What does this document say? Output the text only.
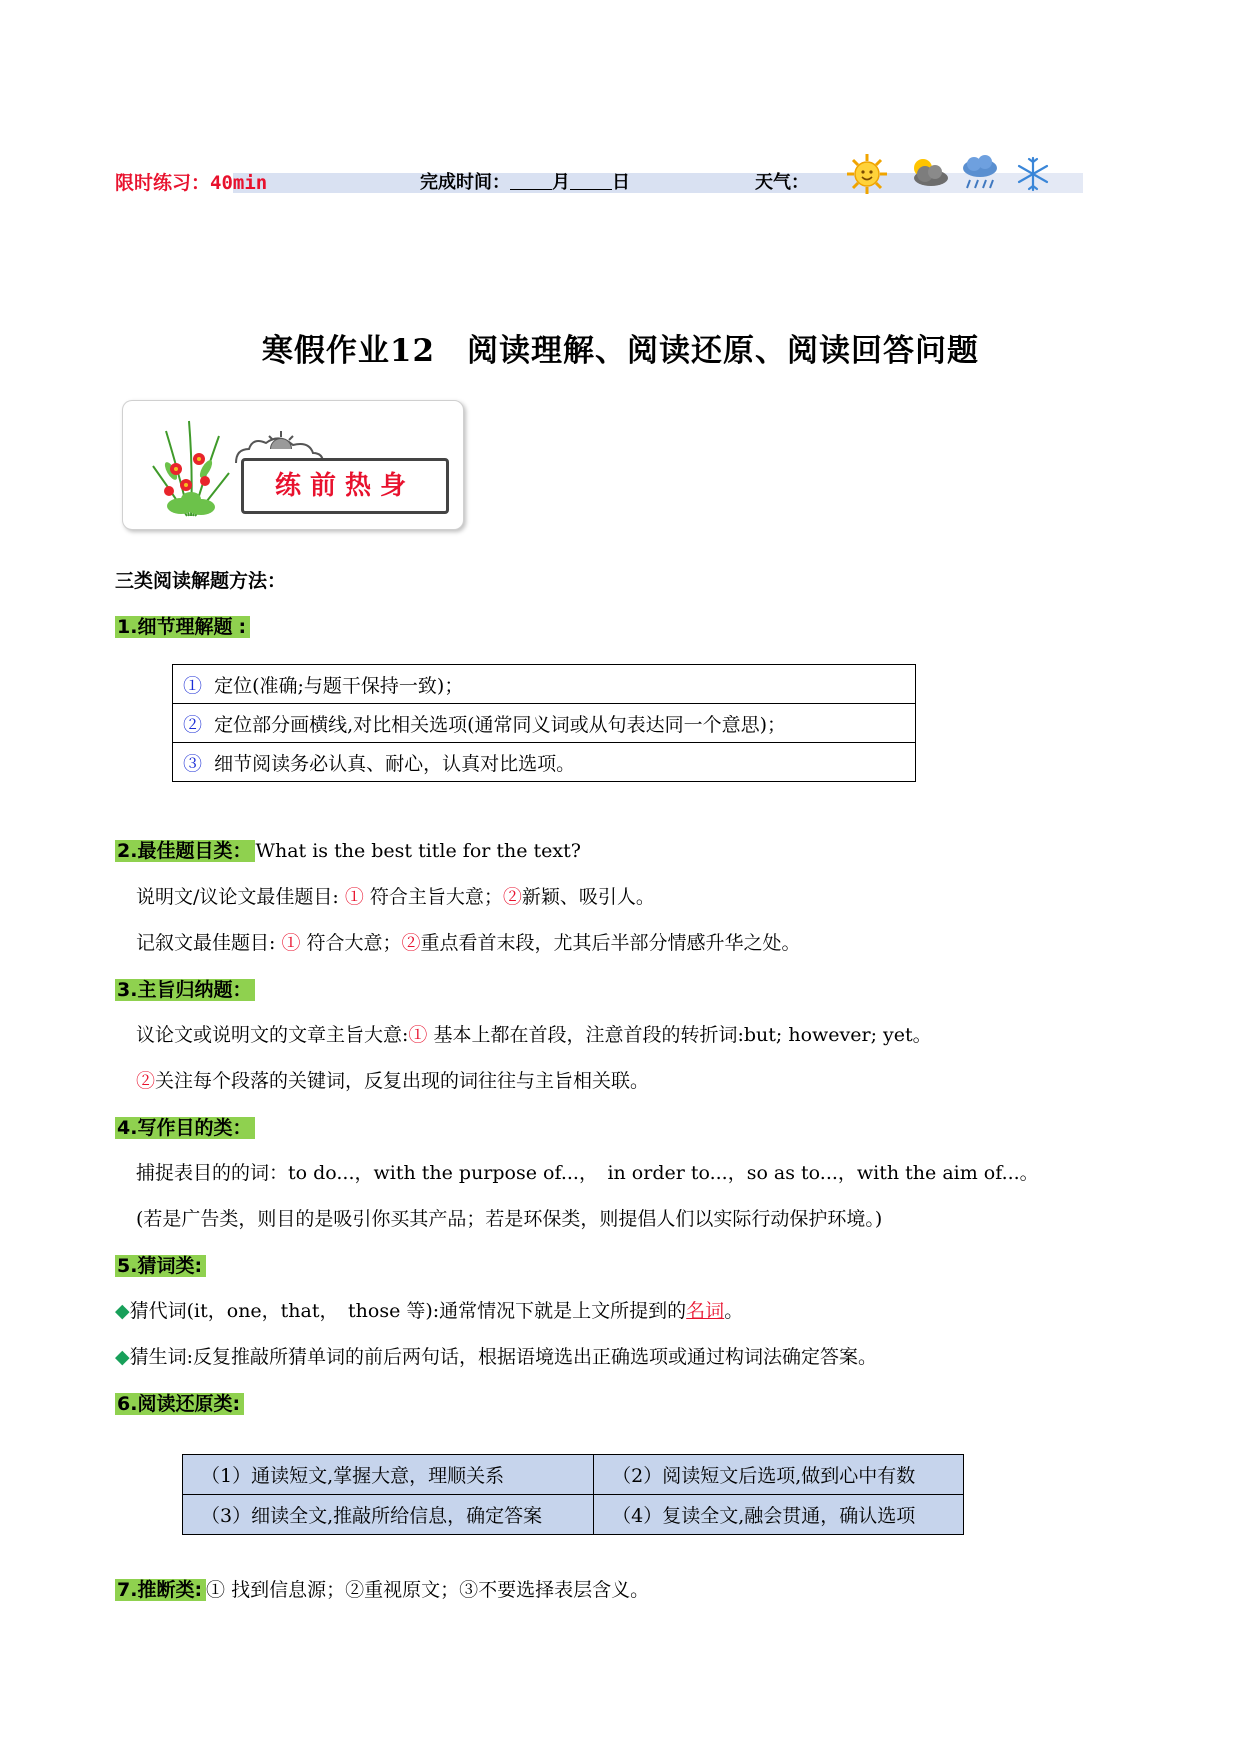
限时练习：40min	完成时间： 月 日	天气：
寒假作业12　阅读理解、阅读还原、阅读回答问题
练前热身
三类阅读解题方法：
1.细节理解题 :
① 定位(准确;与题干保持一致)；
② 定位部分画横线,对比相关选项(通常同义词或从句表达同一个意思)；
③ 细节阅读务必认真、耐心，认真对比选项。
2.最佳题目类： What is the best title for the text?
说明文/议论文最佳题目: ① 符合主旨大意；②新颖、吸引人。
记叙文最佳题目: ① 符合大意；②重点看首末段，尤其后半部分情感升华之处。
3.主旨归纳题：
议论文或说明文的文章主旨大意:① 基本上都在首段，注意首段的转折词:but; however; yet。
②关注每个段落的关键词，反复出现的词往往与主旨相关联。
4.写作目的类：
捕捉表目的的词：to do...，with the purpose of...，　in order to...，so as to...，with the aim of...。
(若是广告类，则目的是吸引你买其产品；若是环保类，则提倡人们以实际行动保护环境。)
5.猜词类:
◆猜代词(it，one，that，　those 等):通常情况下就是上文所提到的名词。
◆猜生词:反复推敲所猜单词的前后两句话，根据语境选出正确选项或通过构词法确定答案。
6.阅读还原类:
（1）通读短文,掌握大意，理顺关系	（2）阅读短文后选项,做到心中有数
（3）细读全文,推敲所给信息，确定答案	（4）复读全文,融会贯通，确认选项
7.推断类: ① 找到信息源；②重视原文；③不要选择表层含义。
